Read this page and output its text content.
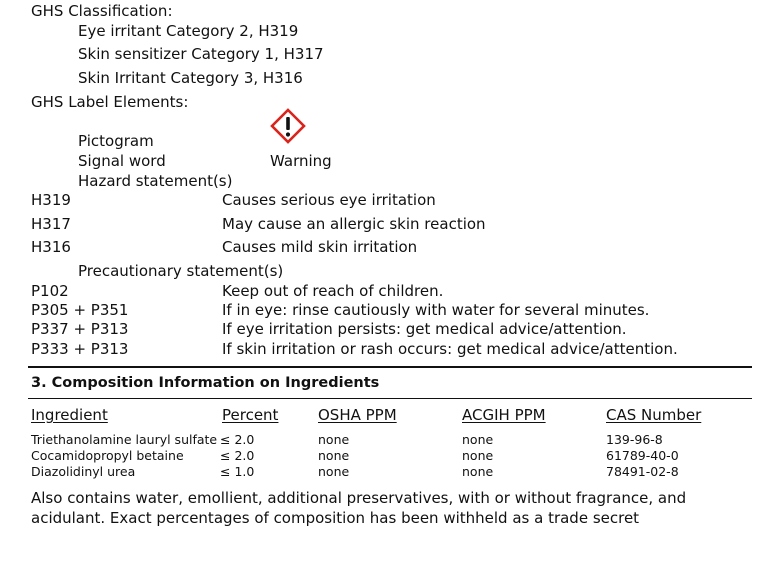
GHS Classification:
Eye irritant Category 2, H319
Skin sensitizer Category 1, H317
Skin Irritant Category 3, H316
GHS Label Elements:
Pictogram
Signal word	Warning
Hazard statement(s)
H319	Causes serious eye irritation
H317	May cause an allergic skin reaction
H316	Causes mild skin irritation
Precautionary statement(s)
P102	Keep out of reach of children.
P305 + P351	If in eye: rinse cautiously with water for several minutes.
P337 + P313	If eye irritation persists: get medical advice/attention.
P333 + P313	If skin irritation or rash occurs: get medical advice/attention.
3. Composition Information on Ingredients
Ingredient	Percent	OSHA PPM	ACGIH PPM	CAS Number
Triethanolamine lauryl sulfate ≤ 2.0	none	none	139-96-8
Cocamidopropyl betaine	≤ 2.0	none	none	61789-40-0
Diazolidinyl urea	≤ 1.0	none	none	78491-02-8
Also contains water, emollient, additional preservatives, with or without fragrance, and
acidulant. Exact percentages of composition has been withheld as a trade secret
